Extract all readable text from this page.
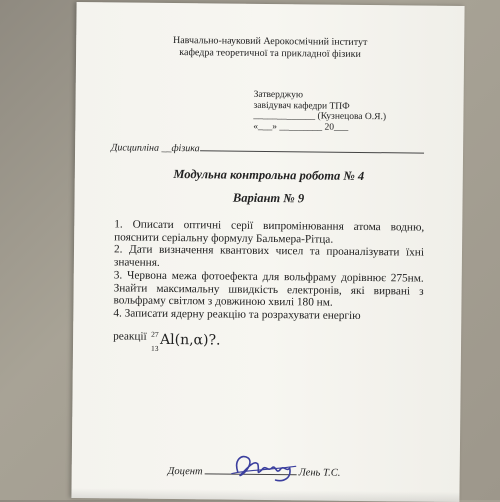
Навчально-науковий Аерокосмічний інститут
кафедра теоретичної та прикладної фізики
Затверджую
завідувач кафедри ТПФ
_____________ (Кузнецова О.Я.)
«___» _________ 20___
Дисципліна __фізика
Модульна контрольна робота № 4
Варіант № 9
1. Описати оптичні серії випромінювання атома водню, пояснити серіальну формулу Бальмера-Рітца.
2. Дати визначення квантових чисел та проаналізувати їхні значення.
3. Червона межа фотоефекта для вольфраму дорівнює 275нм. Знайти максимальну швидкість електронів, які вирвані з вольфраму світлом з довжиною хвилі 180 нм.
4. Записати ядерну реакцію та розрахувати енергію
реакції 27
13 Al(n,α)?.
Доцент	Лень Т.С.
